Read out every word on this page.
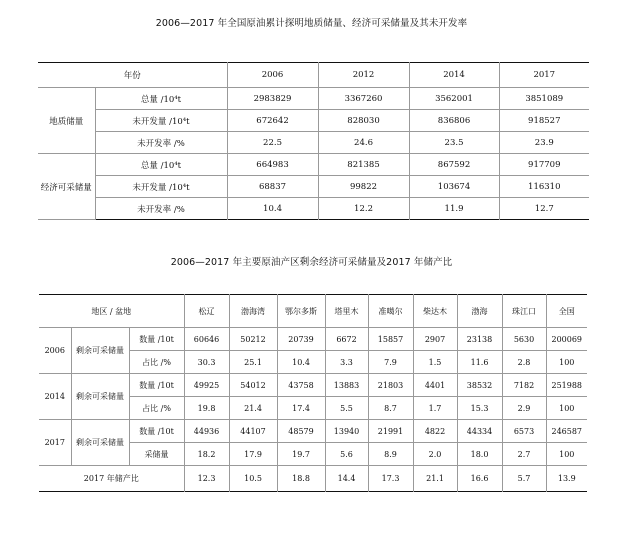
2006—2017 年全国原油累计探明地质储量、经济可采储量及其未开发率
年份		2006	2012	2014	2017
地质储量	总量 /10⁴t	2983829	3367260	3562001	3851089
	未开发量 /10⁴t	672642	828030	836806	918527
	未开发率 /%	22.5	24.6	23.5	23.9
经济可采储量	总量 /10⁴t	664983	821385	867592	917709
	未开发量 /10⁴t	68837	99822	103674	116310
	未开发率 /%	10.4	12.2	11.9	12.7
2006—2017 年主要原油产区剩余经济可采储量及2017 年储产比
地区 / 盆地			松辽	渤海湾	鄂尔多斯	塔里木	准噶尔	柴达木	渤海	珠江口	全国
2006	剩余可采储量	数量 /10t	60646	50212	20739	6672	15857	2907	23138	5630	200069
		占比 /%	30.3	25.1	10.4	3.3	7.9	1.5	11.6	2.8	100
2014	剩余可采储量	数量 /10t	49925	54012	43758	13883	21803	4401	38532	7182	251988
		占比 /%	19.8	21.4	17.4	5.5	8.7	1.7	15.3	2.9	100
2017	剩余可采储量	数量 /10t	44936	44107	48579	13940	21991	4822	44334	6573	246587
		采储量	18.2	17.9	19.7	5.6	8.9	2.0	18.0	2.7	100
2017 年储产比			12.3	10.5	18.8	14.4	17.3	21.1	16.6	5.7	13.9
